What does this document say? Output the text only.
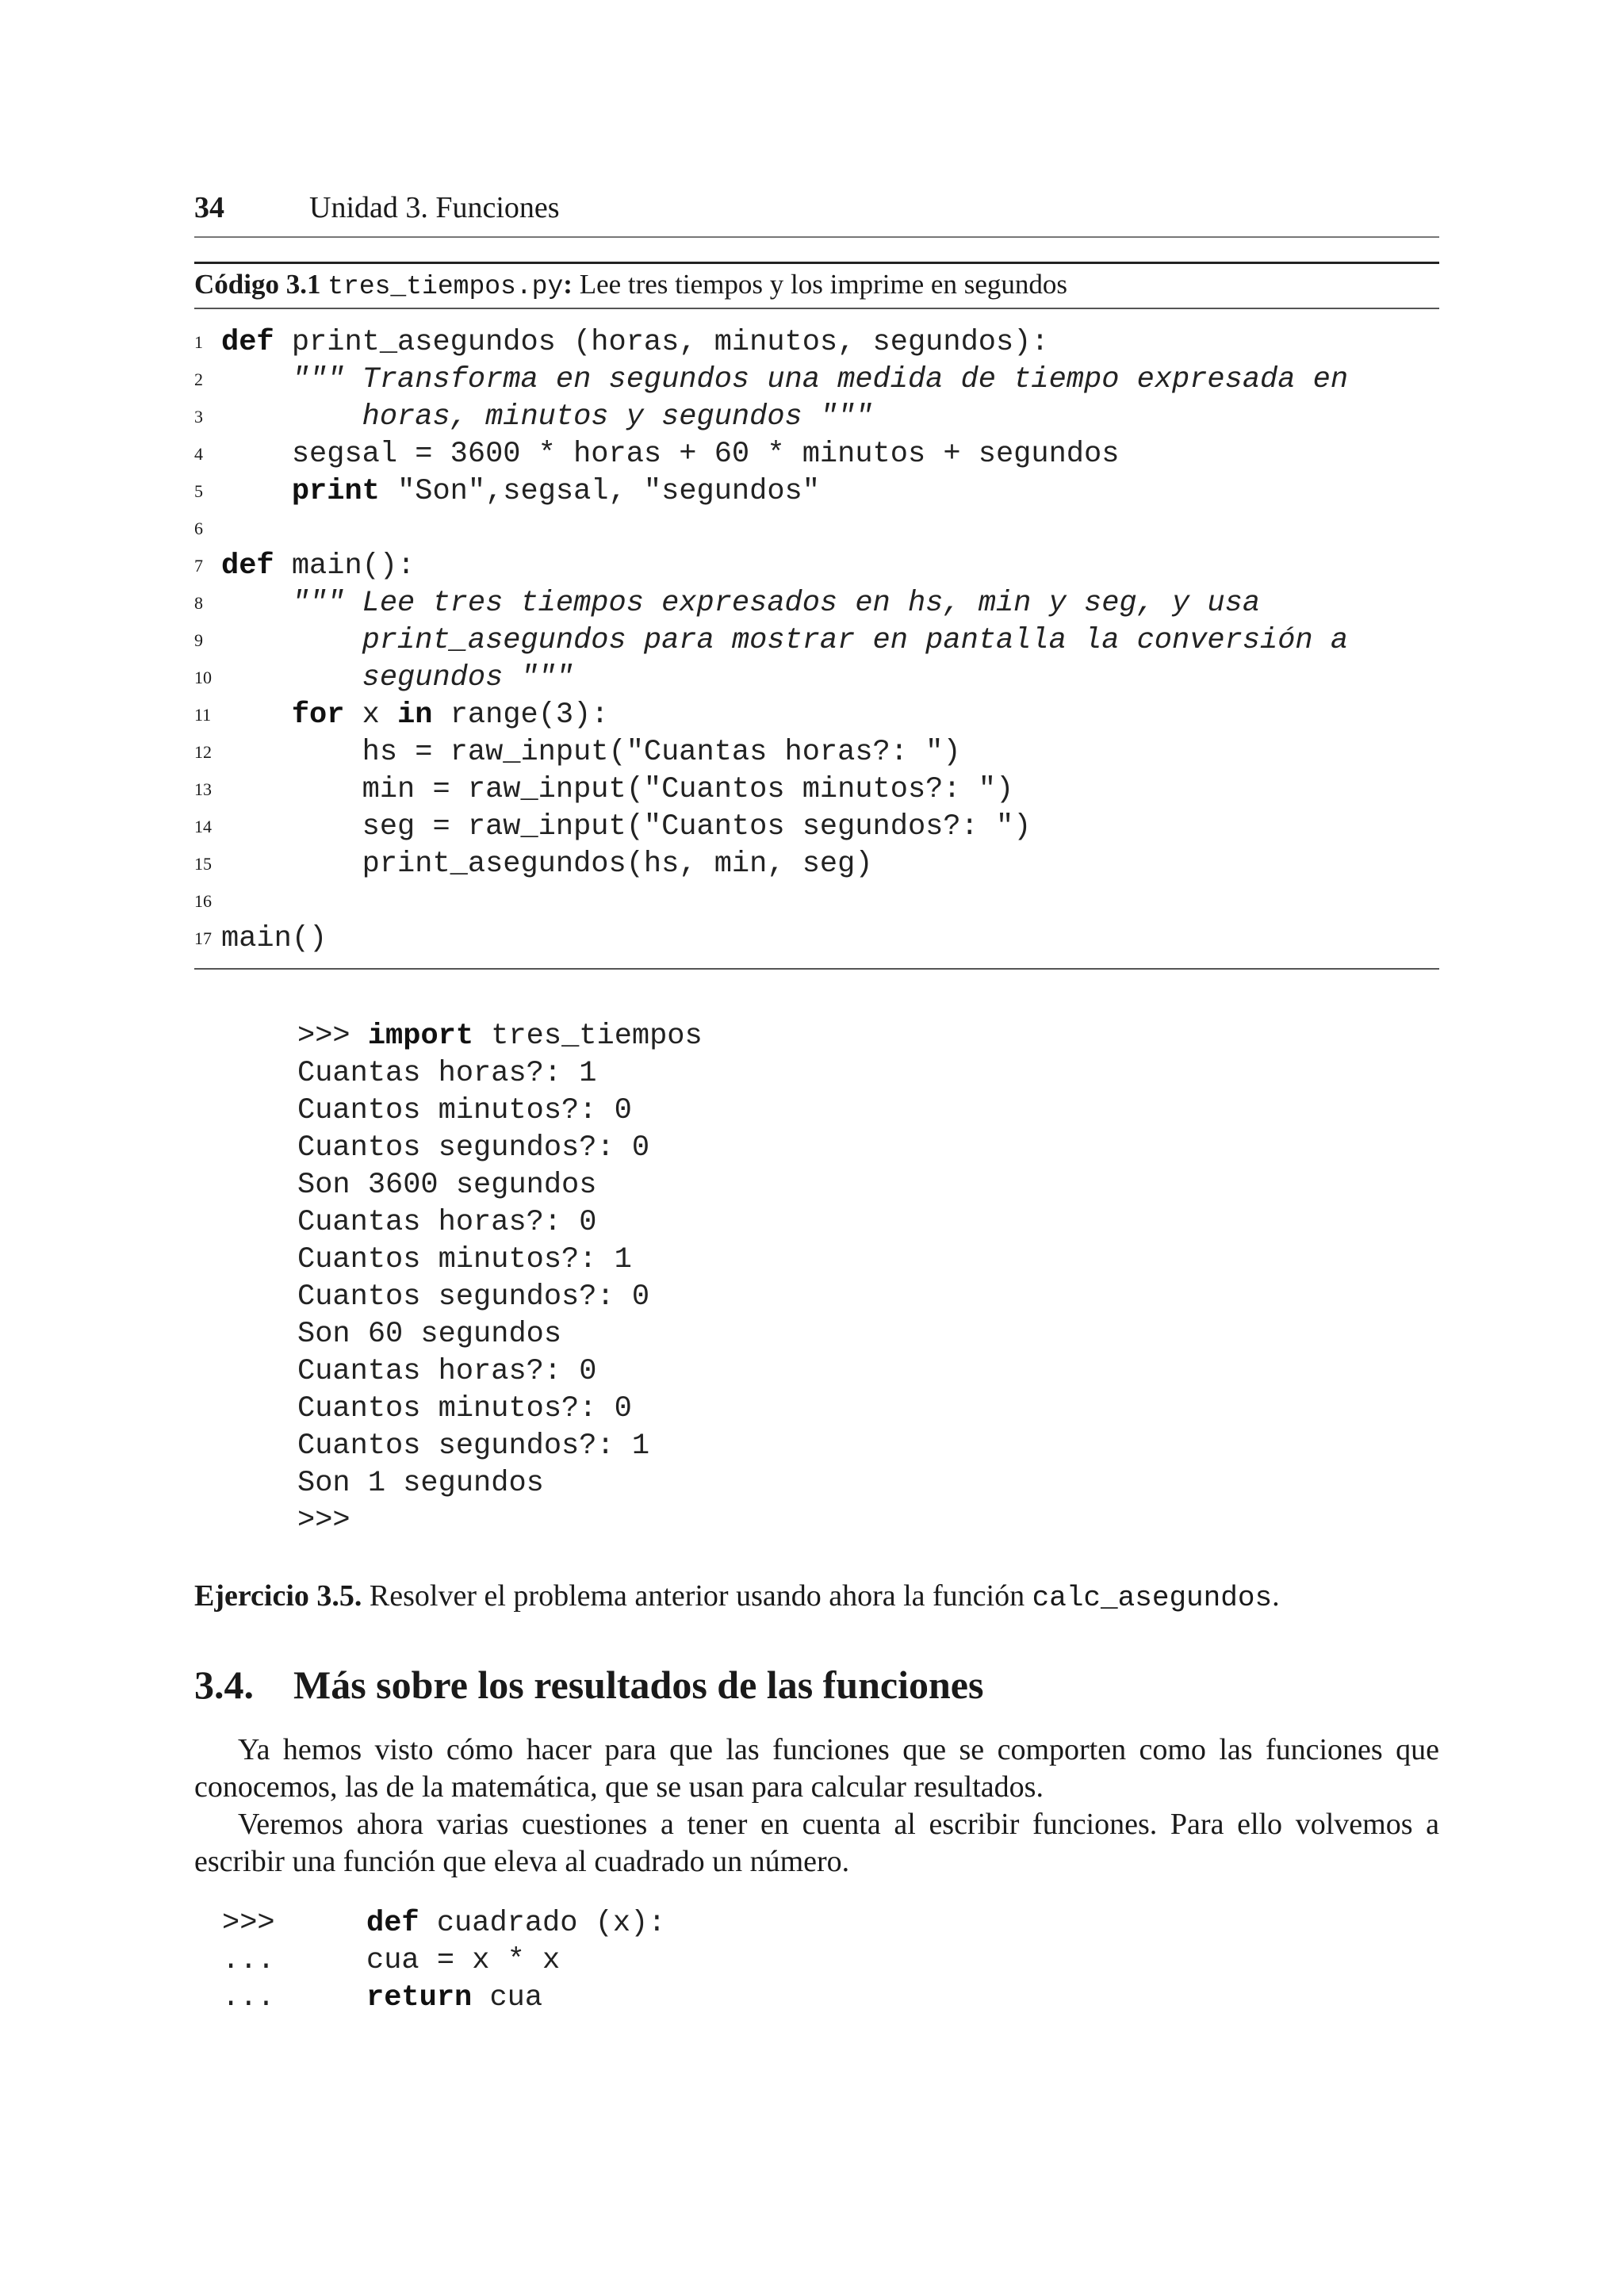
34	Unidad 3. Funciones
Código 3.1 tres_tiempos.py: Lee tres tiempos y los imprime en segundos
1 def print_asegundos (horas, minutos, segundos):
2	""" Transforma en segundos una medida de tiempo expresada en
3	horas, minutos y segundos """
4	segsal = 3600 * horas + 60 * minutos + segundos
5	print "Son",segsal, "segundos"
6
7 def main():
8	""" Lee tres tiempos expresados en hs, min y seg, y usa
9	print_asegundos para mostrar en pantalla la conversión a
10	segundos """
11	for x in range(3):
12	hs = raw_input("Cuantas horas?: ")
13	min = raw_input("Cuantos minutos?: ")
14	seg = raw_input("Cuantos segundos?: ")
15	print_asegundos(hs, min, seg)
16
17 main()
>>> import tres_tiempos
Cuantas horas?: 1
Cuantos minutos?: 0
Cuantos segundos?: 0
Son 3600 segundos
Cuantas horas?: 0
Cuantos minutos?: 1
Cuantos segundos?: 0
Son 60 segundos
Cuantas horas?: 0
Cuantos minutos?: 0
Cuantos segundos?: 1
Son 1 segundos
>>>
Ejercicio 3.5. Resolver el problema anterior usando ahora la función calc_asegundos.
3.4.	Más sobre los resultados de las funciones

Ya hemos visto cómo hacer para que las funciones que se comporten como las funciones que conocemos, las de la matemática, que se usan para calcular resultados.

Veremos ahora varias cuestiones a tener en cuenta al escribir funciones. Para ello volvemos a escribir una función que eleva al cuadrado un número.

>>>	def cuadrado (x):
...	cua = x * x
...	return cua
